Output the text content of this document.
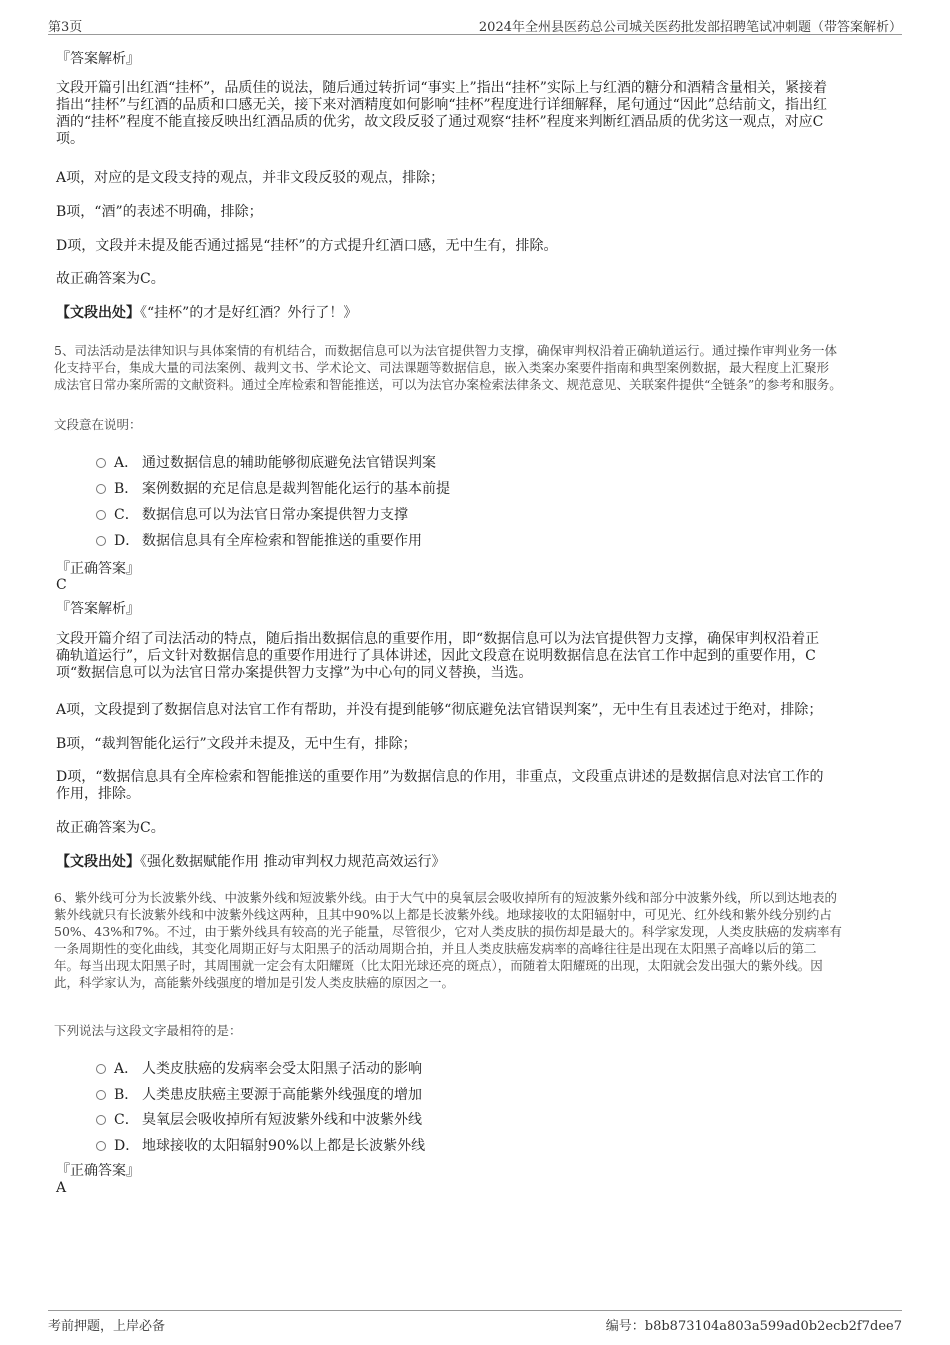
第3页	2024年全州县医药总公司城关医药批发部招聘笔试冲刺题（带答案解析）
『答案解析』
文段开篇引出红酒“挂杯”，品质佳的说法，随后通过转折词“事实上”指出“挂杯”实际上与红酒的糖分和酒精含量相关，紧接着
指出“挂杯”与红酒的品质和口感无关，接下来对酒精度如何影响“挂杯”程度进行详细解释，尾句通过“因此”总结前文，指出红
酒的“挂杯”程度不能直接反映出红酒品质的优劣，故文段反驳了通过观察“挂杯”程度来判断红酒品质的优劣这一观点，对应C
项。
A项，对应的是文段支持的观点，并非文段反驳的观点，排除；
B项，“酒”的表述不明确，排除；
D项，文段并未提及能否通过摇晃“挂杯”的方式提升红酒口感，无中生有，排除。
故正确答案为C。
【文段出处】《“挂杯”的才是好红酒？外行了！》
5、司法活动是法律知识与具体案情的有机结合，而数据信息可以为法官提供智力支撑，确保审判权沿着正确轨道运行。通过操作审判业务一体
化支持平台，集成大量的司法案例、裁判文书、学术论文、司法课题等数据信息，嵌入类案办案要件指南和典型案例数据，最大程度上汇聚形
成法官日常办案所需的文献资料。通过全库检索和智能推送，可以为法官办案检索法律条文、规范意见、关联案件提供“全链条”的参考和服务。
文段意在说明：
A． 通过数据信息的辅助能够彻底避免法官错误判案
B． 案例数据的充足信息是裁判智能化运行的基本前提
C． 数据信息可以为法官日常办案提供智力支撑
D． 数据信息具有全库检索和智能推送的重要作用
『正确答案』
C
『答案解析』
文段开篇介绍了司法活动的特点，随后指出数据信息的重要作用，即“数据信息可以为法官提供智力支撑，确保审判权沿着正
确轨道运行”，后文针对数据信息的重要作用进行了具体讲述，因此文段意在说明数据信息在法官工作中起到的重要作用，C
项“数据信息可以为法官日常办案提供智力支撑”为中心句的同义替换，当选。
A项，文段提到了数据信息对法官工作有帮助，并没有提到能够“彻底避免法官错误判案”，无中生有且表述过于绝对，排除；
B项，“裁判智能化运行”文段并未提及，无中生有，排除；
D项，“数据信息具有全库检索和智能推送的重要作用”为数据信息的作用，非重点，文段重点讲述的是数据信息对法官工作的
作用，排除。
故正确答案为C。
【文段出处】《强化数据赋能作用 推动审判权力规范高效运行》
6、紫外线可分为长波紫外线、中波紫外线和短波紫外线。由于大气中的臭氧层会吸收掉所有的短波紫外线和部分中波紫外线，所以到达地表的
紫外线就只有长波紫外线和中波紫外线这两种，且其中90%以上都是长波紫外线。地球接收的太阳辐射中，可见光、红外线和紫外线分别约占
50%、43%和7%。不过，由于紫外线具有较高的光子能量，尽管很少，它对人类皮肤的损伤却是最大的。科学家发现，人类皮肤癌的发病率有
一条周期性的变化曲线，其变化周期正好与太阳黑子的活动周期合拍，并且人类皮肤癌发病率的高峰往往是出现在太阳黑子高峰以后的第二
年。每当出现太阳黑子时，其周围就一定会有太阳耀斑（比太阳光球还亮的斑点），而随着太阳耀斑的出现，太阳就会发出强大的紫外线。因
此，科学家认为，高能紫外线强度的增加是引发人类皮肤癌的原因之一。
下列说法与这段文字最相符的是：
A． 人类皮肤癌的发病率会受太阳黑子活动的影响
B． 人类患皮肤癌主要源于高能紫外线强度的增加
C． 臭氧层会吸收掉所有短波紫外线和中波紫外线
D． 地球接收的太阳辐射90%以上都是长波紫外线
『正确答案』
A
考前押题，上岸必备	编号：b8b873104a803a599ad0b2ecb2f7dee7
